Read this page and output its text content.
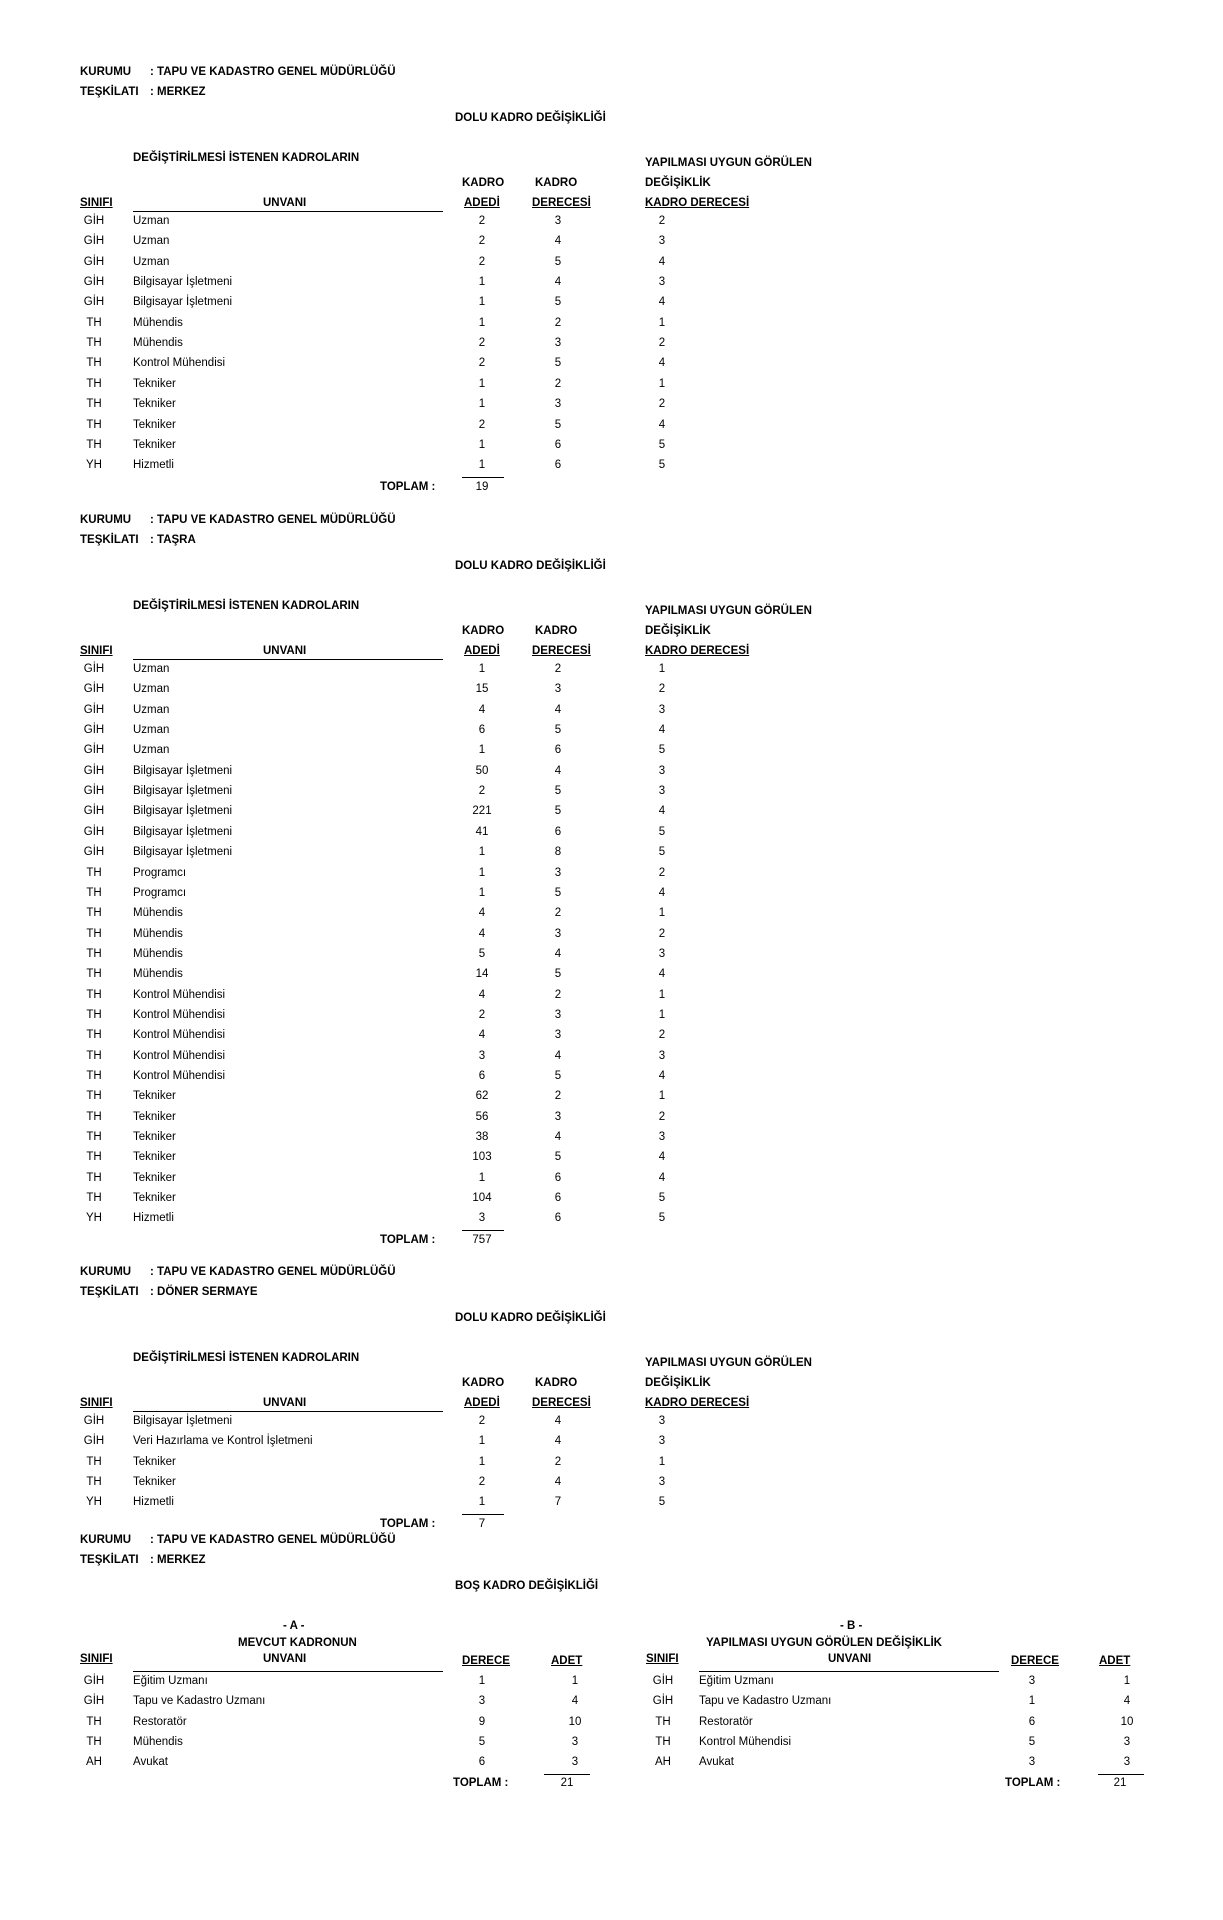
KURUMU : TAPU VE KADASTRO GENEL MÜDÜRLÜĞÜ
TEŞKİLATI : MERKEZ
DOLU KADRO DEĞİŞİKLİĞİ
DEĞİŞTİRİLMESİ İSTENEN KADROLARIN
KADRO	KADRO
ADEDİ	DERECESİ
SINIFI	UNVANI
YAPILMASI UYGUN GÖRÜLEN
DEĞİŞİKLİK
KADRO DERECESİ
GİH	Uzman	2	3	2
GİH	Uzman	2	4	3
GİH	Uzman	2	5	4
GİH	Bilgisayar İşletmeni	1	4	3
GİH	Bilgisayar İşletmeni	1	5	4
TH	Mühendis	1	2	1
TH	Mühendis	2	3	2
TH	Kontrol Mühendisi	2	5	4
TH	Tekniker	1	2	1
TH	Tekniker	1	3	2
TH	Tekniker	2	5	4
TH	Tekniker	1	6	5
YH	Hizmetli	1	6	5
TOPLAM :	19
KURUMU : TAPU VE KADASTRO GENEL MÜDÜRLÜĞÜ
TEŞKİLATI : TAŞRA
DOLU KADRO DEĞİŞİKLİĞİ
DEĞİŞTİRİLMESİ İSTENEN KADROLARIN
KADRO	KADRO
ADEDİ	DERECESİ
SINIFI	UNVANI
YAPILMASI UYGUN GÖRÜLEN
DEĞİŞİKLİK
KADRO DERECESİ
GİH	Uzman	1	2	1
GİH	Uzman	15	3	2
GİH	Uzman	4	4	3
GİH	Uzman	6	5	4
GİH	Uzman	1	6	5
GİH	Bilgisayar İşletmeni	50	4	3
GİH	Bilgisayar İşletmeni	2	5	3
GİH	Bilgisayar İşletmeni	221	5	4
GİH	Bilgisayar İşletmeni	41	6	5
GİH	Bilgisayar İşletmeni	1	8	5
TH	Programcı	1	3	2
TH	Programcı	1	5	4
TH	Mühendis	4	2	1
TH	Mühendis	4	3	2
TH	Mühendis	5	4	3
TH	Mühendis	14	5	4
TH	Kontrol Mühendisi	4	2	1
TH	Kontrol Mühendisi	2	3	1
TH	Kontrol Mühendisi	4	3	2
TH	Kontrol Mühendisi	3	4	3
TH	Kontrol Mühendisi	6	5	4
TH	Tekniker	62	2	1
TH	Tekniker	56	3	2
TH	Tekniker	38	4	3
TH	Tekniker	103	5	4
TH	Tekniker	1	6	4
TH	Tekniker	104	6	5
YH	Hizmetli	3	6	5
TOPLAM :	757
KURUMU : TAPU VE KADASTRO GENEL MÜDÜRLÜĞÜ
TEŞKİLATI : DÖNER SERMAYE
DOLU KADRO DEĞİŞİKLİĞİ
DEĞİŞTİRİLMESİ İSTENEN KADROLARIN
KADRO	KADRO
ADEDİ	DERECESİ
SINIFI	UNVANI
YAPILMASI UYGUN GÖRÜLEN
DEĞİŞİKLİK
KADRO DERECESİ
GİH	Bilgisayar İşletmeni	2	4	3
GİH	Veri Hazırlama ve Kontrol İşletmeni	1	4	3
TH	Tekniker	1	2	1
TH	Tekniker	2	4	3
YH	Hizmetli	1	7	5
TOPLAM :	7
KURUMU : TAPU VE KADASTRO GENEL MÜDÜRLÜĞÜ
TEŞKİLATI : MERKEZ
BOŞ KADRO DEĞİŞİKLİĞİ
- A -
MEVCUT KADRONUN
SINIFI	UNVANI	DERECE	ADET
- B -
YAPILMASI UYGUN GÖRÜLEN DEĞİŞİKLİK
SINIFI	UNVANI	DERECE	ADET
GİH	Eğitim Uzmanı	1	1
GİH	Tapu ve Kadastro Uzmanı	3	4
TH	Restoratör	9	10
TH	Mühendis	5	3
AH	Avukat	6	3
GİH Eğitim Uzmanı	3	1
GİH Tapu ve Kadastro Uzmanı	1	4
TH Restoratör	6	10
TH Kontrol Mühendisi	5	3
AH Avukat	3	3
TOPLAM :	21	TOPLAM :	21
